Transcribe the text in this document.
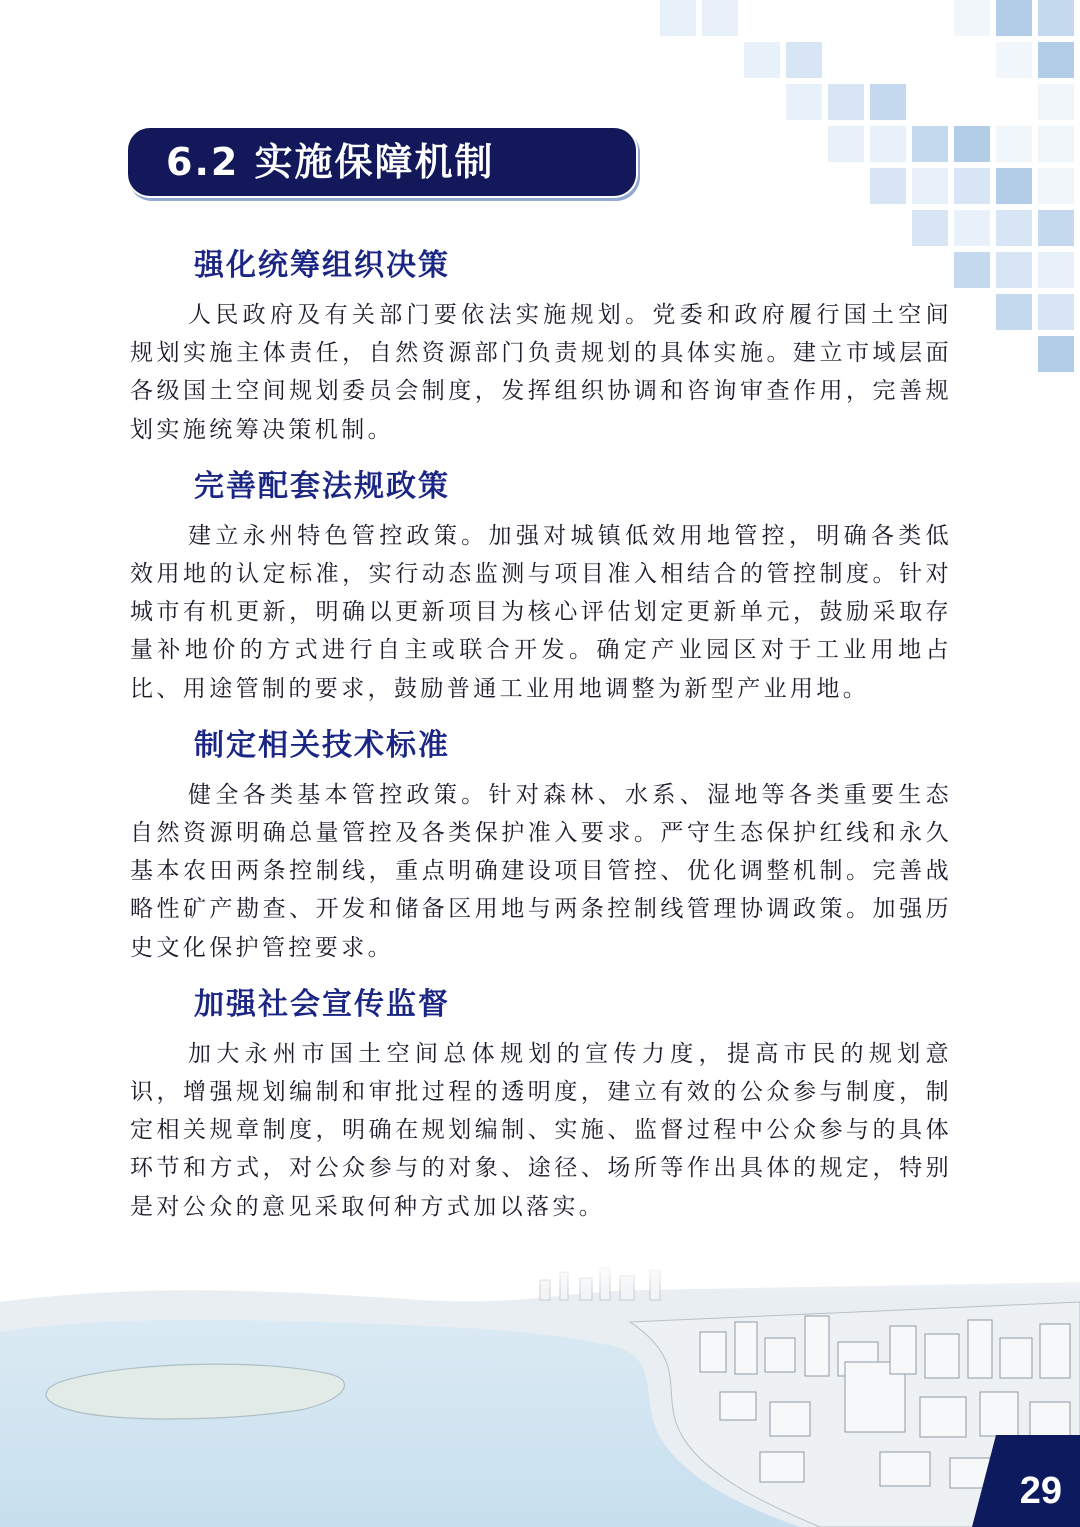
6.2 实施保障机制
强化统筹组织决策

人民政府及有关部门要依法实施规划。党委和政府履行国土空间规划实施主体责任，自然资源部门负责规划的具体实施。建立市域层面各级国土空间规划委员会制度，发挥组织协调和咨询审查作用，完善规划实施统筹决策机制。

完善配套法规政策

建立永州特色管控政策。加强对城镇低效用地管控，明确各类低效用地的认定标准，实行动态监测与项目准入相结合的管控制度。针对城市有机更新，明确以更新项目为核心评估划定更新单元，鼓励采取存量补地价的方式进行自主或联合开发。确定产业园区对于工业用地占比、用途管制的要求，鼓励普通工业用地调整为新型产业用地。

制定相关技术标准

健全各类基本管控政策。针对森林、水系、湿地等各类重要生态自然资源明确总量管控及各类保护准入要求。严守生态保护红线和永久基本农田两条控制线，重点明确建设项目管控、优化调整机制。完善战略性矿产勘查、开发和储备区用地与两条控制线管理协调政策。加强历史文化保护管控要求。

加强社会宣传监督

加大永州市国土空间总体规划的宣传力度，提高市民的规划意识，增强规划编制和审批过程的透明度，建立有效的公众参与制度，制定相关规章制度，明确在规划编制、实施、监督过程中公众参与的具体环节和方式，对公众参与的对象、途径、场所等作出具体的规定，特别是对公众的意见采取何种方式加以落实。

29
